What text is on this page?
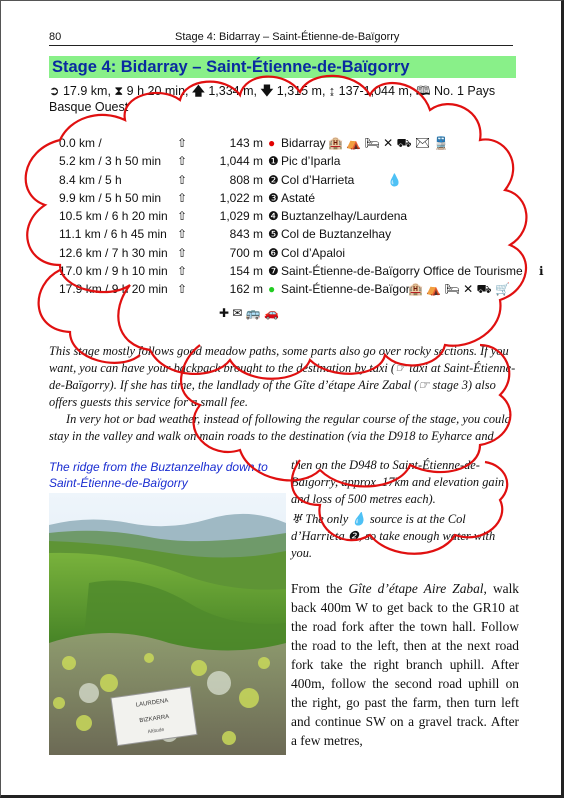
80	Stage 4: Bidarray – Saint-Étienne-de-Baïgorry
Stage 4: Bidarray – Saint-Étienne-de-Baïgorry
➲ 17.9 km, ⧗ 9 h 20 min, 🡅 1,334 m, 🡇 1,315 m, ↨ 137-1,044 m, 🕮 No. 1 Pays Basque Ouest
0.0 km /	⇧	143 m ● Bidarray 🏨 ⛺ 🛏 ✕ ⛟ ✉ 🚆
5.2 km / 3 h 50 min ⇧	1,044 m ❶ Pic d’Iparla
8.4 km / 5 h	⇧	808 m ❷ Col d’Harrieta	💧
9.9 km / 5 h 50 min ⇧	1,022 m ❸ Astaté
10.5 km / 6 h 20 min ⇧	1,029 m ❹ Buztanzelhay/Laurdena
11.1 km / 6 h 45 min ⇧	843 m ❺ Col de Buztanzelhay
12.6 km / 7 h 30 min ⇧	700 m ❻ Col d’Apaloi
17.0 km / 9 h 10 min ⇧	154 m ❼ Saint-Étienne-de-Baïgorry Office de Tourisme ℹ
17.9 km / 9 h 20 min ⇧	162 m ● Saint-Étienne-de-Baïgorry
🏨 ⛺ 🛏 ✕ ⛟ 🛒
✚ ✉ 🚌 🚗
This stage mostly follows good meadow paths, some parts also go over rocky sections. If you want, you can have your backpack brought to the destination by taxi (☞ taxi at Saint-Étienne-de-Baïgorry). If she has time, the landlady of the Gîte d’étape Aire Zabal (☞ stage 3) also offers guests this service for a small fee.
In very hot or bad weather, instead of following the regular course of the stage, you could stay in the valley and walk on main roads to the destination (via the D918 to Eyharce and
The ridge from the Buztanzelhay down to Saint-Étienne-de-Baïgorry
then on the D948 to Saint-Étienne-de-Baïgorry, approx. 17km and elevation gain and loss of 500 metres each).
♅ The only 💧 source is at the Col d’Harrieta ❷, so take enough water with you.
LAURDENA
BIZKARRA
Altitude
From the Gîte d’étape Aire Zabal, walk back 400m W to get back to the GR10 at the road fork after the town hall. Follow the road to the left, then at the next road fork take the right branch uphill. After 400m, follow the second road uphill on the right, go past the farm, then turn left and continue SW on a gravel track. After a few metres,
